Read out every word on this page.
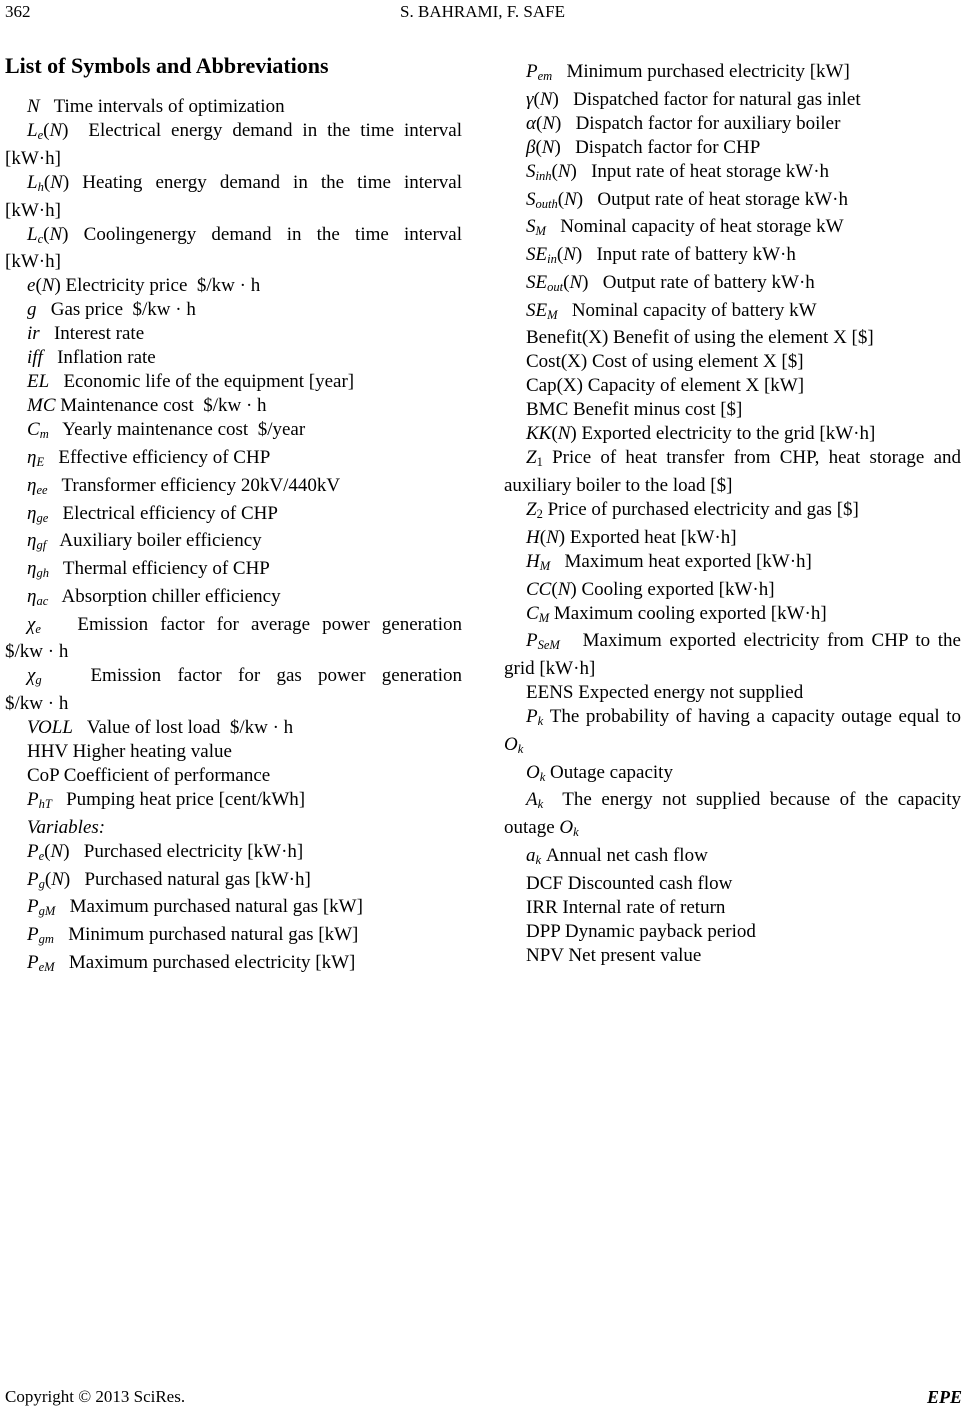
362	S. BAHRAMI, F. SAFE
List of Symbols and Abbreviations

N   Time intervals of optimization

Le(N)  Electrical energy demand in the time interval

[kW·h]

Lh(N) Heating energy demand in the time interval

[kW·h]

Lc(N) Coolingenergy demand in the time interval

[kW·h]

e(N) Electricity price  $/kw · h

g   Gas price  $/kw · h

ir   Interest rate

iff   Inflation rate

EL   Economic life of the equipment [year]

MC Maintenance cost  $/kw · h

Cm   Yearly maintenance cost  $/year

ηE   Effective efficiency of CHP

ηee   Transformer efficiency 20kV/440kV

ηge   Electrical efficiency of CHP

ηgf   Auxiliary boiler efficiency

ηgh   Thermal efficiency of CHP

ηac   Absorption chiller efficiency

χe   Emission factor for average power generation

$/kw · h

χg   Emission factor for gas power generation

$/kw · h

VOLL   Value of lost load  $/kw · h

HHV Higher heating value

CoP Coefficient of performance

PhT   Pumping heat price [cent/kWh]

Variables:

Pe(N)   Purchased electricity [kW·h]

Pg(N)   Purchased natural gas [kW·h]

PgM   Maximum purchased natural gas [kW]

Pgm   Minimum purchased natural gas [kW]

PeM   Maximum purchased electricity [kW]

Pem   Minimum purchased electricity [kW]

γ(N)   Dispatched factor for natural gas inlet

α(N)   Dispatch factor for auxiliary boiler

β(N)   Dispatch factor for CHP

Sinh(N)   Input rate of heat storage kW·h

South(N)   Output rate of heat storage kW·h

SM   Nominal capacity of heat storage kW

SEin(N)   Input rate of battery kW·h

SEout(N)   Output rate of battery kW·h

SEM   Nominal capacity of battery kW

Benefit(X) Benefit of using the element X [$]

Cost(X) Cost of using element X [$]

Cap(X) Capacity of element X [kW]

BMC Benefit minus cost [$]

KK(N) Exported electricity to the grid [kW·h]

Z1 Price of heat transfer from CHP, heat storage and

auxiliary boiler to the load [$]

Z2 Price of purchased electricity and gas [$]

H(N) Exported heat [kW·h]

HM   Maximum heat exported [kW·h]

CC(N) Cooling exported [kW·h]

CM Maximum cooling exported [kW·h]

PSeM   Maximum exported electricity from CHP to the

grid [kW·h]

EENS Expected energy not supplied

Pk The probability of having a capacity outage equal to

Ok

Ok Outage capacity

Ak  The energy not supplied because of the capacity

outage Ok

ak Annual net cash flow

DCF Discounted cash flow

IRR Internal rate of return

DPP Dynamic payback period

NPV Net present value

Copyright © 2013 SciRes.	EPE
